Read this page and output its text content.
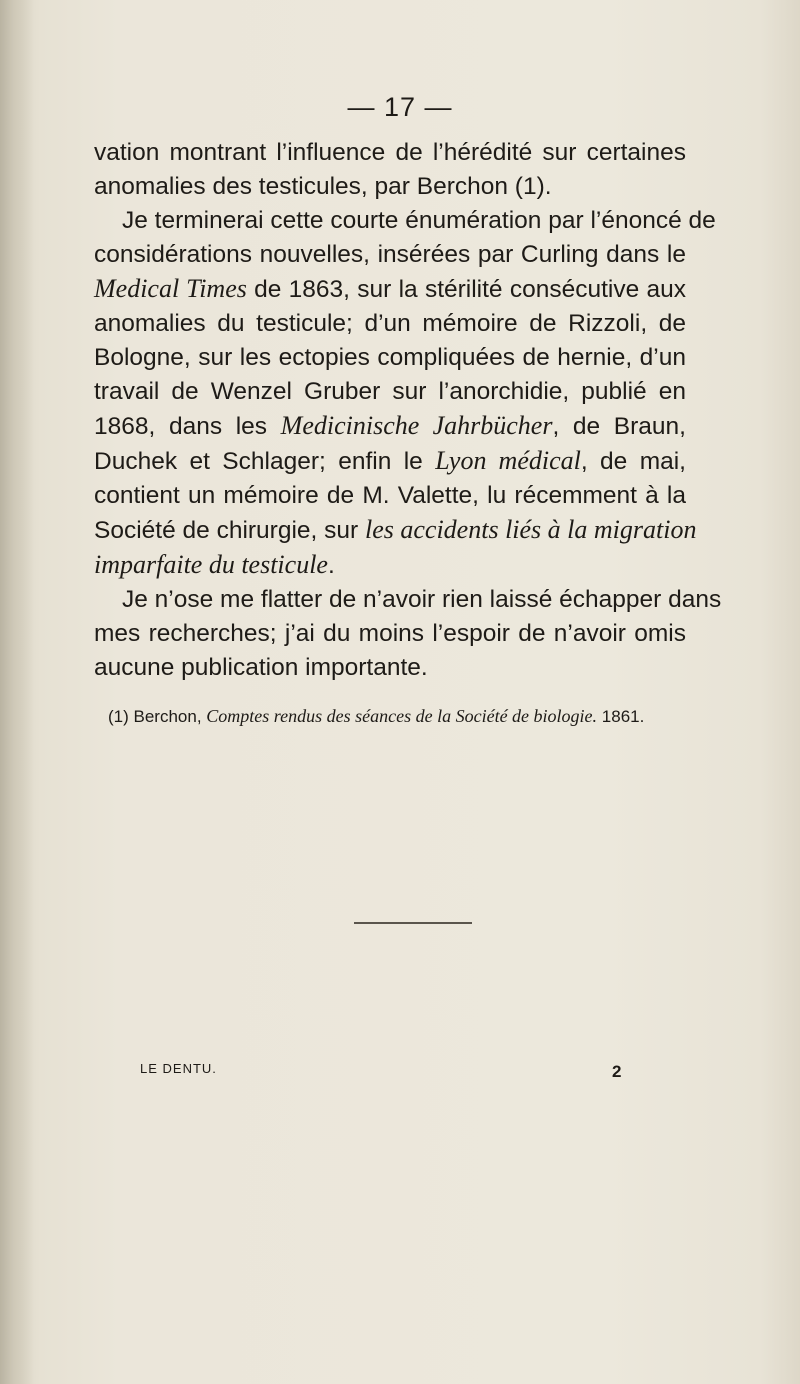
— 17 —
vation montrant l’influence de l’hérédité sur certaines
anomalies des testicules, par Berchon (1).
Je terminerai cette courte énumération par l’énoncé de
considérations nouvelles, insérées par Curling dans le
Medical Times de 1863, sur la stérilité consécutive aux
anomalies du testicule; d’un mémoire de Rizzoli, de
Bologne, sur les ectopies compliquées de hernie, d’un
travail de Wenzel Gruber sur l’anorchidie, publié en
1868, dans les Medicinische Jahrbücher, de Braun,
Duchek et Schlager; enfin le Lyon médical, de mai,
contient un mémoire de M. Valette, lu récemment à la
Société de chirurgie, sur les accidents liés à la migration
imparfaite du testicule.
Je n’ose me flatter de n’avoir rien laissé échapper dans
mes recherches; j’ai du moins l’espoir de n’avoir omis
aucune publication importante.
(1) Berchon, Comptes rendus des séances de la Société de biologie. 1861.
LE DENTU.	2
